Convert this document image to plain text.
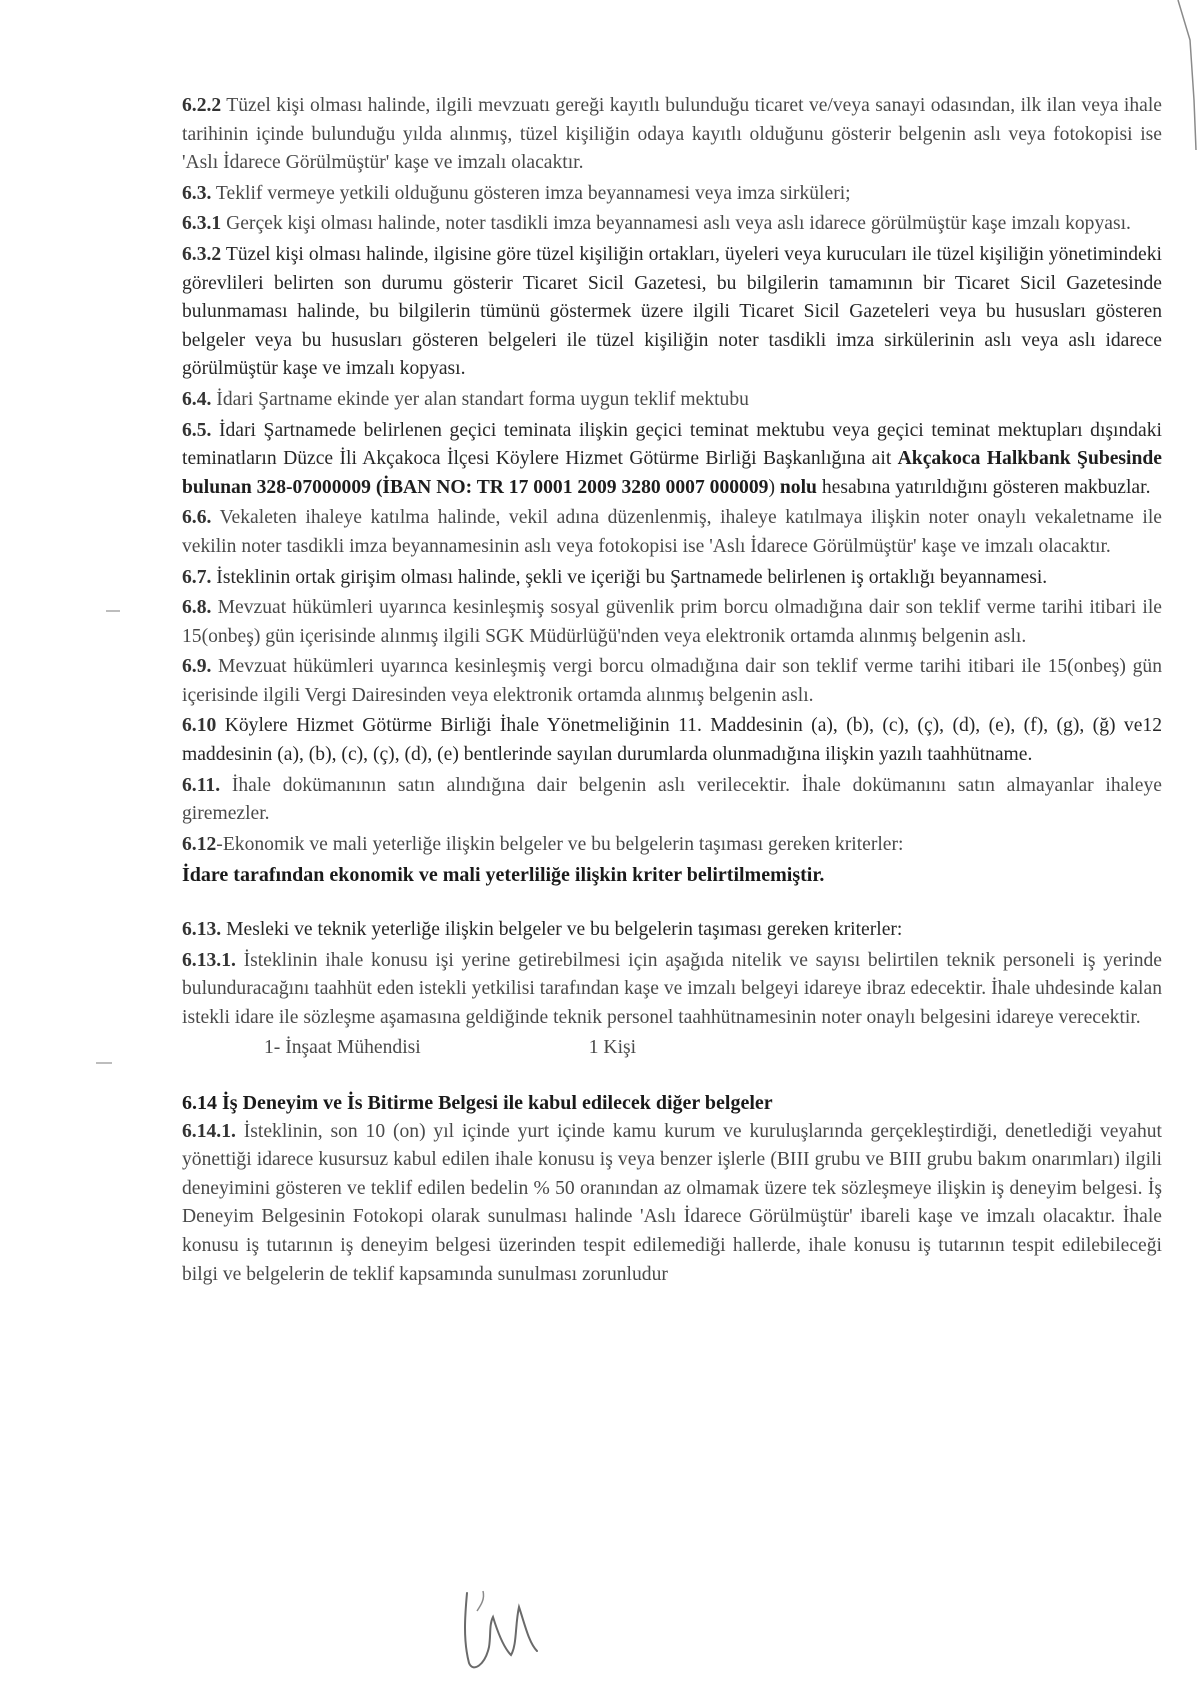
6.2.2 Tüzel kişi olması halinde, ilgili mevzuatı gereği kayıtlı bulunduğu ticaret ve/veya sanayi odasından, ilk ilan veya ihale tarihinin içinde bulunduğu yılda alınmış, tüzel kişiliğin odaya kayıtlı olduğunu gösterir belgenin aslı veya fotokopisi ise 'Aslı İdarece Görülmüştür' kaşe ve imzalı olacaktır.

6.3. Teklif vermeye yetkili olduğunu gösteren imza beyannamesi veya imza sirküleri;

6.3.1 Gerçek kişi olması halinde, noter tasdikli imza beyannamesi aslı veya aslı idarece görülmüştür kaşe imzalı kopyası.

6.3.2 Tüzel kişi olması halinde, ilgisine göre tüzel kişiliğin ortakları, üyeleri veya kurucuları ile tüzel kişiliğin yönetimindeki görevlileri belirten son durumu gösterir Ticaret Sicil Gazetesi, bu bilgilerin tamamının bir Ticaret Sicil Gazetesinde bulunmaması halinde, bu bilgilerin tümünü göstermek üzere ilgili Ticaret Sicil Gazeteleri veya bu hususları gösteren belgeler veya bu hususları gösteren belgeleri ile tüzel kişiliğin noter tasdikli imza sirkülerinin aslı veya aslı idarece görülmüştür kaşe ve imzalı kopyası.

6.4. İdari Şartname ekinde yer alan standart forma uygun teklif mektubu

6.5. İdari Şartnamede belirlenen geçici teminata ilişkin geçici teminat mektubu veya geçici teminat mektupları dışındaki teminatların Düzce İli Akçakoca İlçesi Köylere Hizmet Götürme Birliği Başkanlığına ait Akçakoca Halkbank Şubesinde bulunan 328-07000009 (İBAN NO: TR 17 0001 2009 3280 0007 000009) nolu hesabına yatırıldığını gösteren makbuzlar.

6.6. Vekaleten ihaleye katılma halinde, vekil adına düzenlenmiş, ihaleye katılmaya ilişkin noter onaylı vekaletname ile vekilin noter tasdikli imza beyannamesinin aslı veya fotokopisi ise 'Aslı İdarece Görülmüştür' kaşe ve imzalı olacaktır.

6.7. İsteklinin ortak girişim olması halinde, şekli ve içeriği bu Şartnamede belirlenen iş ortaklığı beyannamesi.

6.8. Mevzuat hükümleri uyarınca kesinleşmiş sosyal güvenlik prim borcu olmadığına dair son teklif verme tarihi itibari ile 15(onbeş) gün içerisinde alınmış ilgili SGK Müdürlüğü'nden veya elektronik ortamda alınmış belgenin aslı.

6.9. Mevzuat hükümleri uyarınca kesinleşmiş vergi borcu olmadığına dair son teklif verme tarihi itibari ile 15(onbeş) gün içerisinde ilgili Vergi Dairesinden veya elektronik ortamda alınmış belgenin aslı.

6.10 Köylere Hizmet Götürme Birliği İhale Yönetmeliğinin 11. Maddesinin (a), (b), (c), (ç), (d), (e), (f), (g), (ğ) ve12 maddesinin (a), (b), (c), (ç), (d), (e) bentlerinde sayılan durumlarda olunmadığına ilişkin yazılı taahhütname.

6.11. İhale dokümanının satın alındığına dair belgenin aslı verilecektir. İhale dokümanını satın almayanlar ihaleye giremezler.

6.12-Ekonomik ve mali yeterliğe ilişkin belgeler ve bu belgelerin taşıması gereken kriterler:

İdare tarafından ekonomik ve mali yeterliliğe ilişkin kriter belirtilmemiştir.

6.13. Mesleki ve teknik yeterliğe ilişkin belgeler ve bu belgelerin taşıması gereken kriterler:

6.13.1. İsteklinin ihale konusu işi yerine getirebilmesi için aşağıda nitelik ve sayısı belirtilen teknik personeli iş yerinde bulunduracağını taahhüt eden istekli yetkilisi tarafından kaşe ve imzalı belgeyi idareye ibraz edecektir. İhale uhdesinde kalan istekli idare ile sözleşme aşamasına geldiğinde teknik personel taahhütnamesinin noter onaylı belgesini idareye verecektir.

1- İnşaat Mühendisi	1 Kişi

6.14 İş Deneyim ve İs Bitirme Belgesi ile kabul edilecek diğer belgeler

6.14.1. İsteklinin, son 10 (on) yıl içinde yurt içinde kamu kurum ve kuruluşlarında gerçekleştirdiği, denetlediği veyahut yönettiği idarece kusursuz kabul edilen ihale konusu iş veya benzer işlerle (BIII grubu ve BIII grubu bakım onarımları) ilgili deneyimini gösteren ve teklif edilen bedelin % 50 oranından az olmamak üzere tek sözleşmeye ilişkin iş deneyim belgesi. İş Deneyim Belgesinin Fotokopi olarak sunulması halinde 'Aslı İdarece Görülmüştür' ibareli kaşe ve imzalı olacaktır. İhale konusu iş tutarının iş deneyim belgesi üzerinden tespit edilemediği hallerde, ihale konusu iş tutarının tespit edilebileceği bilgi ve belgelerin de teklif kapsamında sunulması zorunludur
